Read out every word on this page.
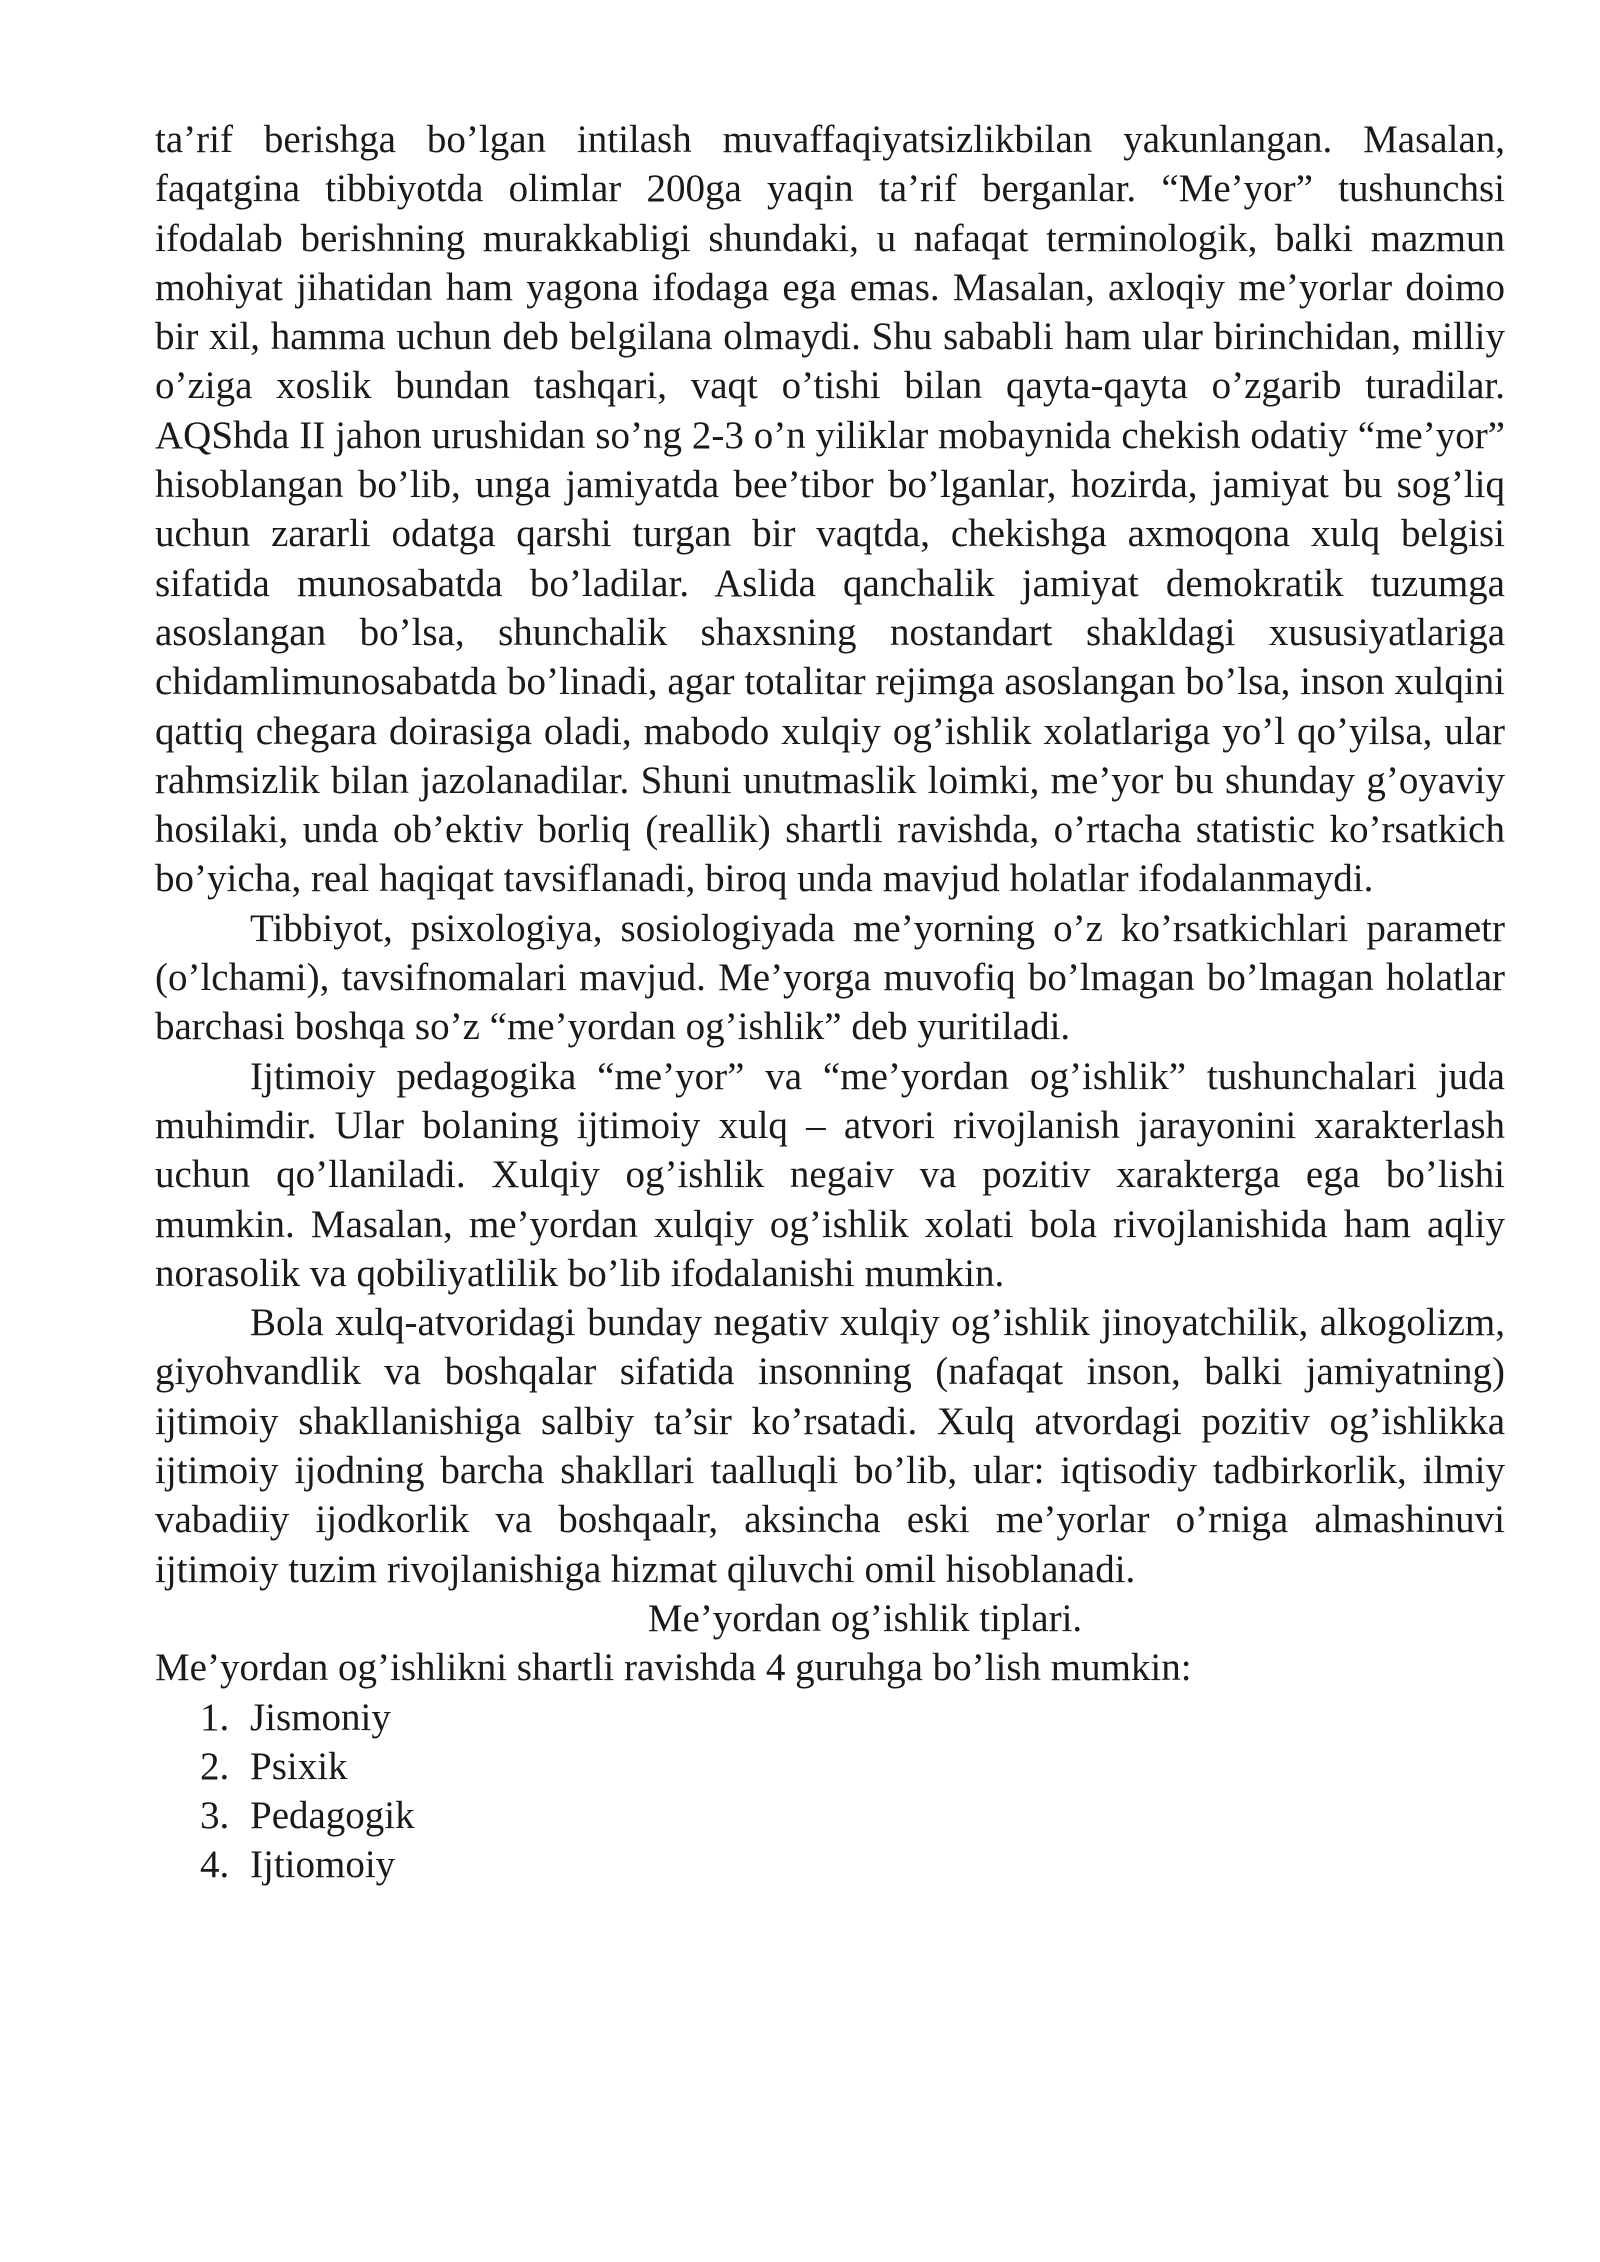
ta’rif berishga bo’lgan intilash muvaffaqiyatsizlikbilan yakunlangan. Masalan, faqatgina tibbiyotda olimlar 200ga yaqin ta’rif berganlar. “Me’yor” tushunchsi ifodalab berishning murakkabligi shundaki, u nafaqat terminologik, balki mazmun mohiyat jihatidan ham yagona ifodaga ega emas. Masalan, axloqiy me’yorlar doimo bir xil, hamma uchun deb belgilana olmaydi. Shu sababli ham ular birinchidan, milliy o’ziga xoslik bundan tashqari, vaqt o’tishi bilan qayta-qayta o’zgarib turadilar. AQShda II jahon urushidan so’ng 2-3 o’n yiliklar mobaynida chekish odatiy “me’yor” hisoblangan bo’lib, unga jamiyatda bee’tibor bo’lganlar, hozirda, jamiyat bu sog’liq uchun zararli odatga qarshi turgan bir vaqtda, chekishga axmoqona xulq belgisi sifatida munosabatda bo’ladilar. Aslida qanchalik jamiyat demokratik tuzumga asoslangan bo’lsa, shunchalik shaxsning nostandart shakldagi xususiyatlariga chidamlimunosabatda bo’linadi, agar totalitar rejimga asoslangan bo’lsa, inson xulqini qattiq chegara doirasiga oladi, mabodo xulqiy og’ishlik xolatlariga yo’l qo’yilsa, ular rahmsizlik bilan jazolanadilar. Shuni unutmaslik loimki, me’yor bu shunday g’oyaviy hosilaki, unda ob’ektiv borliq (reallik) shartli ravishda, o’rtacha statistic ko’rsatkich bo’yicha, real haqiqat tavsiflanadi, biroq unda mavjud holatlar ifodalanmaydi.

Tibbiyot, psixologiya, sosiologiyada me’yorning o’z ko’rsatkichlari parametr (o’lchami), tavsifnomalari mavjud. Me’yorga muvofiq bo’lmagan bo’lmagan holatlar barchasi boshqa so’z “me’yordan og’ishlik” deb yuritiladi.

Ijtimoiy pedagogika “me’yor” va “me’yordan og’ishlik” tushunchalari juda muhimdir. Ular bolaning ijtimoiy xulq – atvori rivojlanish jarayonini xarakterlash uchun qo’llaniladi. Xulqiy og’ishlik negaiv va pozitiv xarakterga ega bo’lishi mumkin. Masalan, me’yordan xulqiy og’ishlik xolati bola rivojlanishida ham aqliy norasolik va qobiliyatlilik bo’lib ifodalanishi mumkin.

Bola xulq-atvoridagi bunday negativ xulqiy og’ishlik jinoyatchilik, alkogolizm, giyohvandlik va boshqalar sifatida insonning (nafaqat inson, balki jamiyatning) ijtimoiy shakllanishiga salbiy ta’sir ko’rsatadi. Xulq atvordagi pozitiv og’ishlikka ijtimoiy ijodning barcha shakllari taalluqli bo’lib, ular: iqtisodiy tadbirkorlik, ilmiy vabadiiy ijodkorlik va boshqaalr, aksincha eski me’yorlar o’rniga almashinuvi ijtimoiy tuzim rivojlanishiga hizmat qiluvchi omil hisoblanadi.

Me’yordan og’ishlik tiplari.

Me’yordan og’ishlikni shartli ravishda 4 guruhga bo’lish mumkin:

1. Jismoniy
2. Psixik
3. Pedagogik
4. Ijtiomoiy
